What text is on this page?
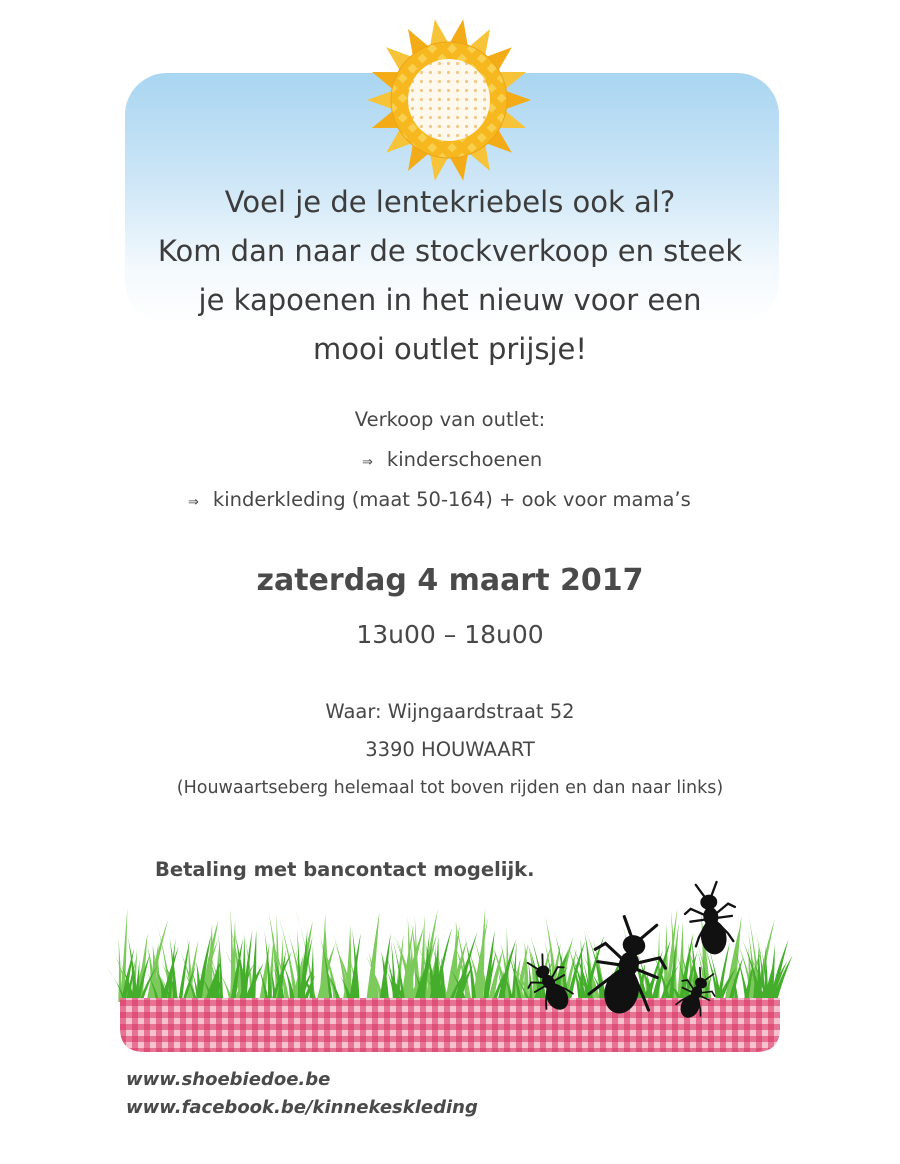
Voel je de lentekriebels ook al?
Kom dan naar de stockverkoop en steek
je kapoenen in het nieuw voor een
mooi outlet prijsje!
Verkoop van outlet:
⇒ kinderschoenen
⇒ kinderkleding (maat 50-164) + ook voor mama’s
zaterdag 4 maart 2017
13u00 – 18u00
Waar: Wijngaardstraat 52
3390 HOUWAART
(Houwaartseberg helemaal tot boven rijden en dan naar links)
Betaling met bancontact mogelijk.
www.shoebiedoe.be
www.facebook.be/kinnekeskleding
